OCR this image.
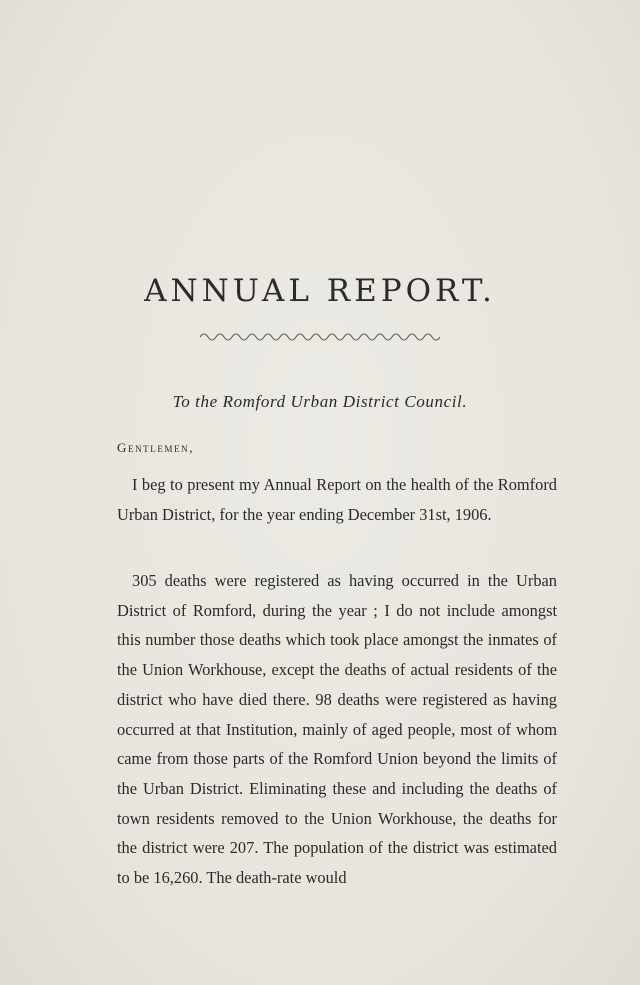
ANNUAL REPORT.
To the Romford Urban District Council.
Gentlemen,

I beg to present my Annual Report on the health of the Romford Urban District, for the year ending December 31st, 1906.

305 deaths were registered as having occurred in the Urban District of Romford, during the year ; I do not include amongst this number those deaths which took place amongst the inmates of the Union Workhouse, except the deaths of actual residents of the district who have died there. 98 deaths were registered as having occurred at that Institution, mainly of aged people, most of whom came from those parts of the Romford Union beyond the limits of the Urban District. Eliminating these and including the deaths of town residents removed to the Union Workhouse, the deaths for the district were 207. The population of the district was estimated to be 16,260. The death-rate would
